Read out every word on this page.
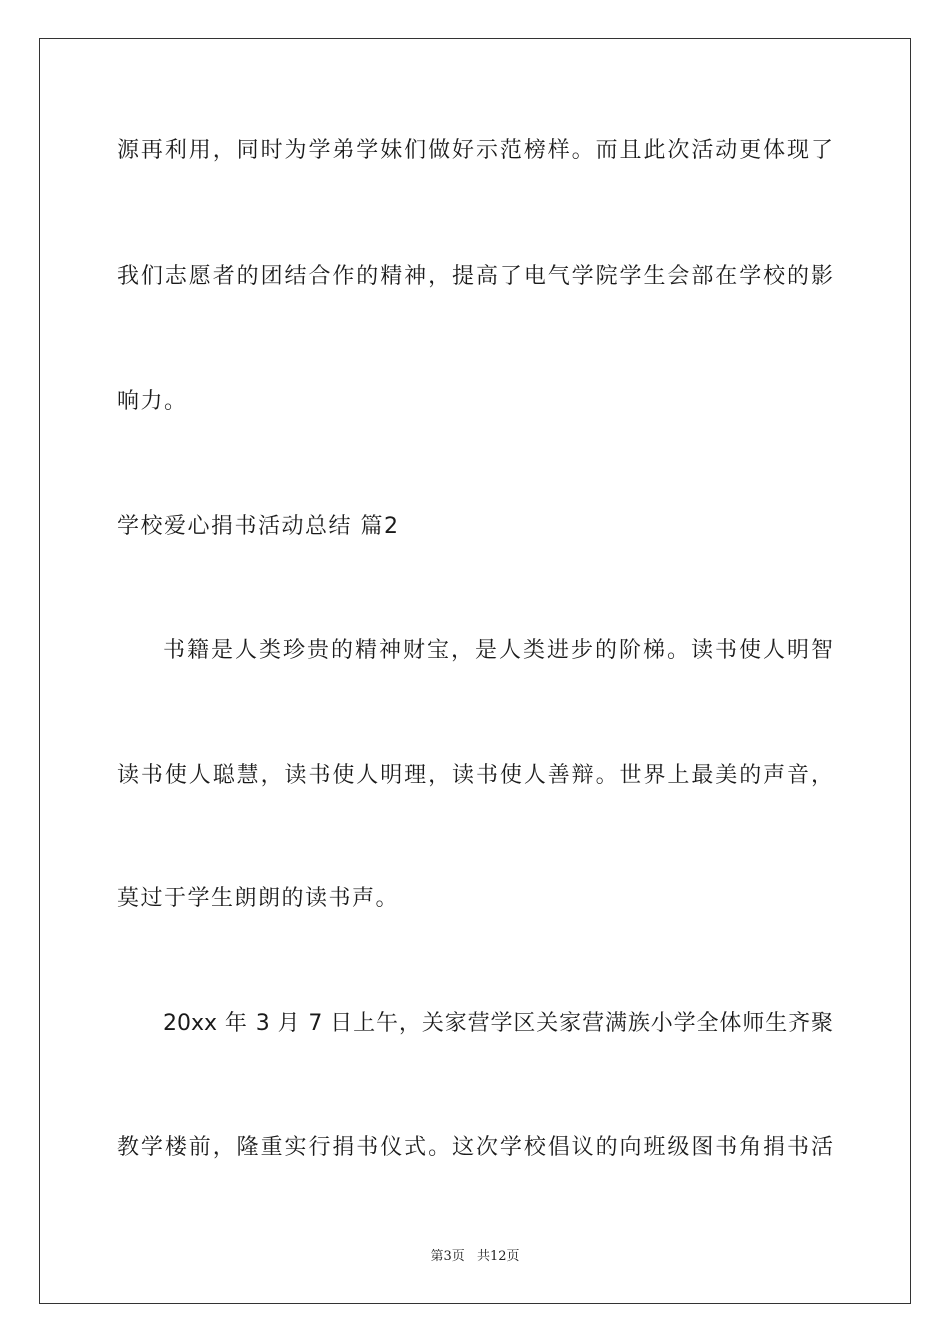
源再利用，同时为学弟学妹们做好示范榜样。而且此次活动更体现了
我们志愿者的团结合作的精神，提高了电气学院学生会部在学校的影
响力。
学校爱心捐书活动总结 篇2
书籍是人类珍贵的精神财宝，是人类进步的阶梯。读书使人明智
读书使人聪慧，读书使人明理，读书使人善辩。世界上最美的声音，
莫过于学生朗朗的读书声。
20xx 年 3 月 7 日上午，关家营学区关家营满族小学全体师生齐聚
教学楼前，隆重实行捐书仪式。这次学校倡议的向班级图书角捐书活
第3页 共12页
